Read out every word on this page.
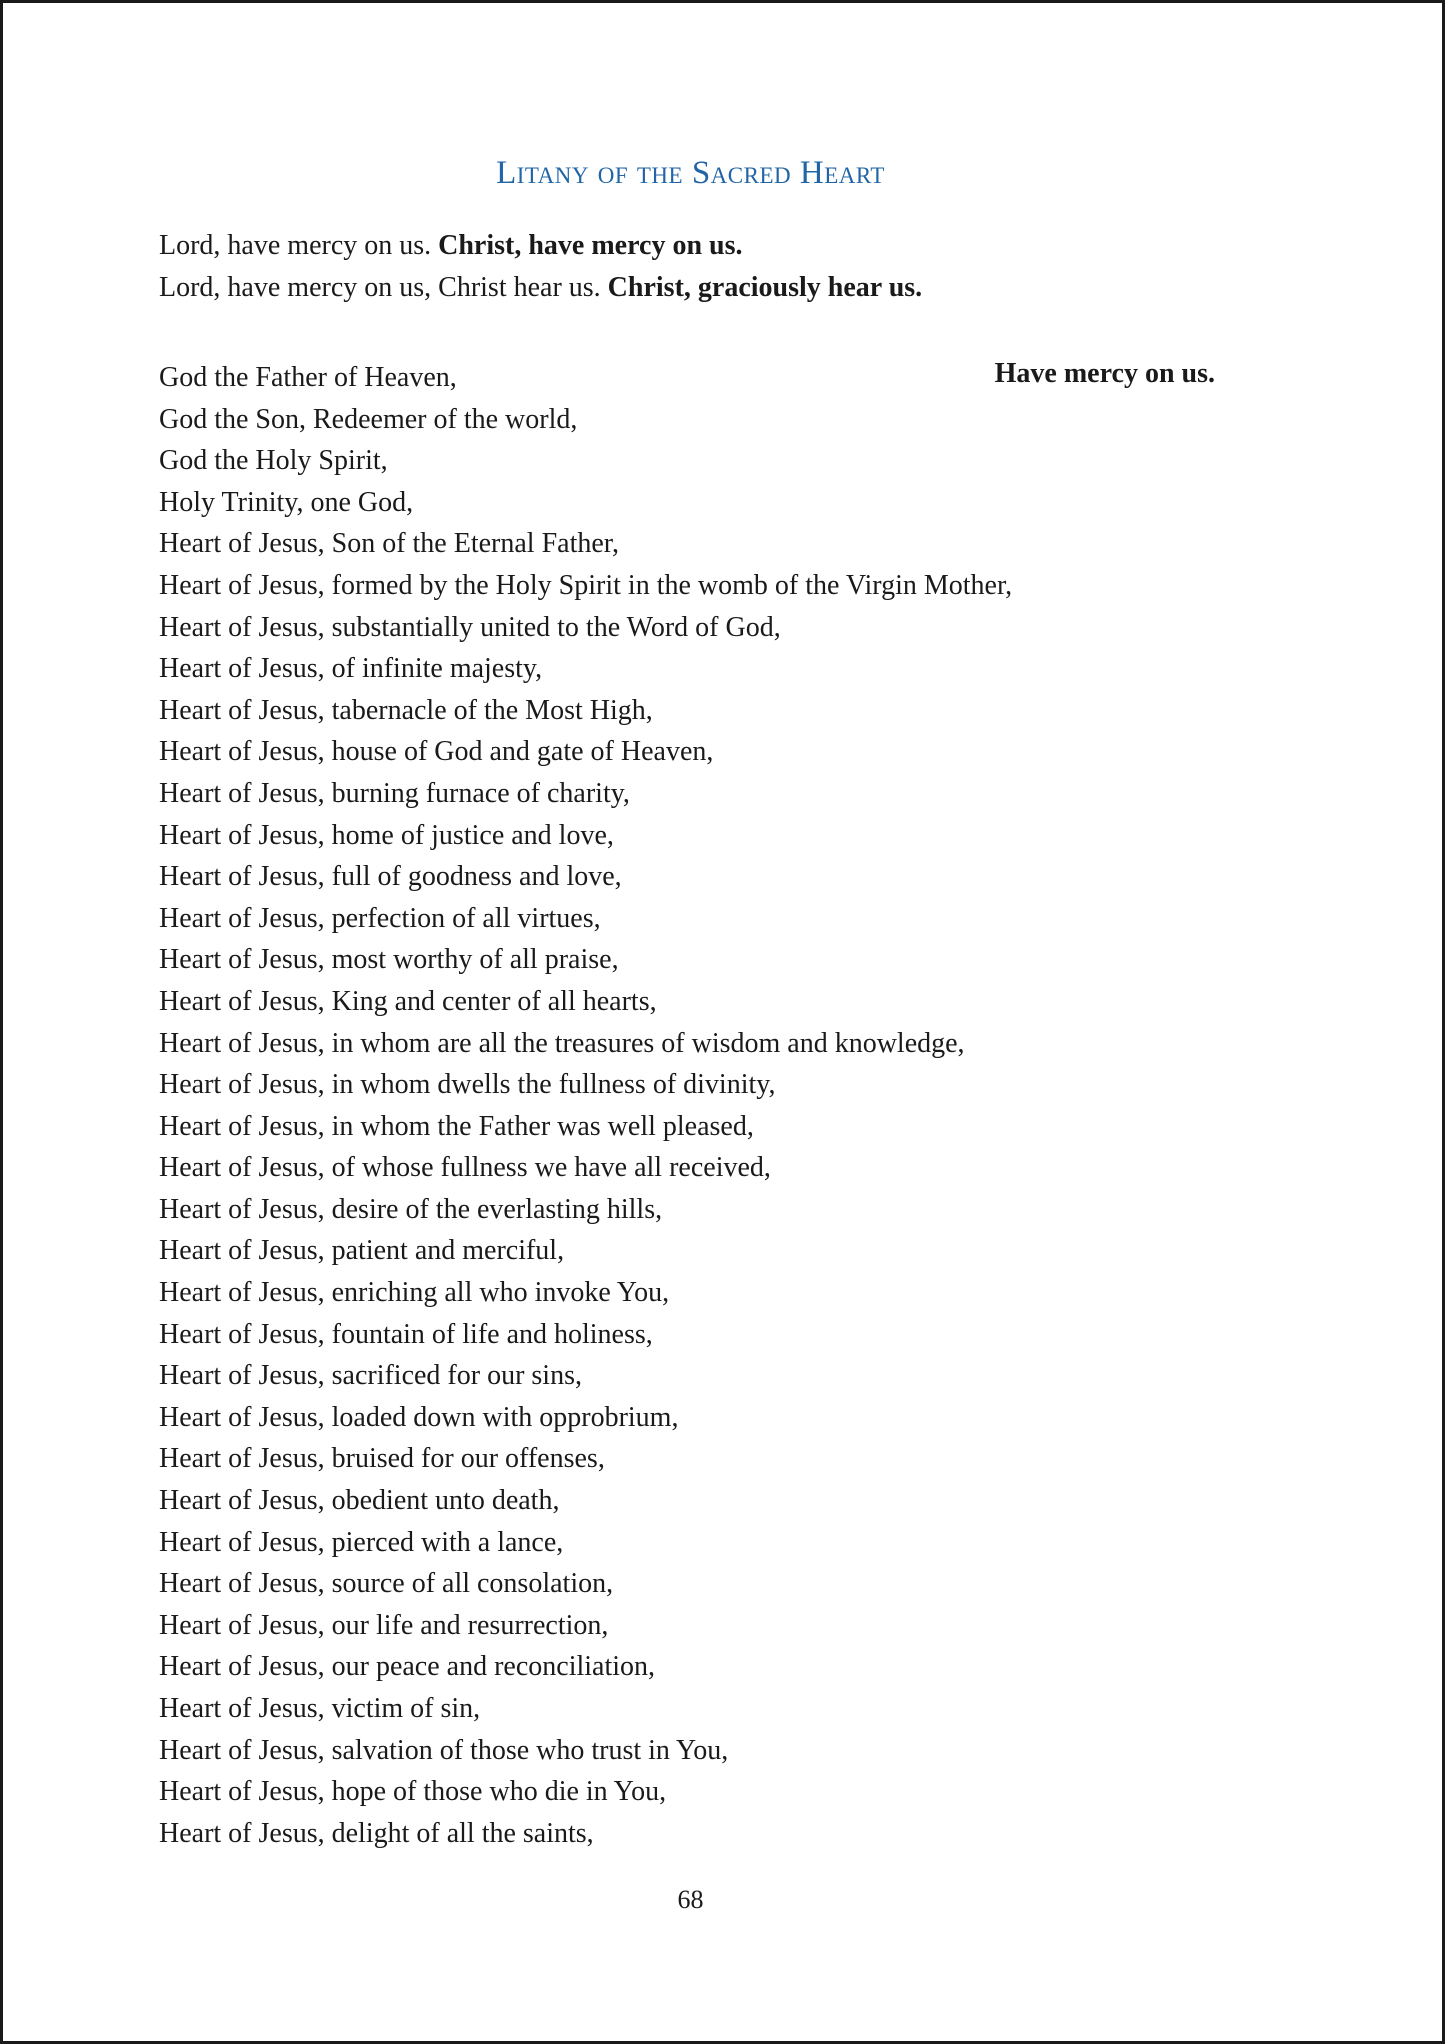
Litany of the Sacred Heart
Lord, have mercy on us. Christ, have mercy on us.
Lord, have mercy on us, Christ hear us. Christ, graciously hear us.
Have mercy on us.
God the Father of Heaven,
God the Son, Redeemer of the world,
God the Holy Spirit,
Holy Trinity, one God,
Heart of Jesus, Son of the Eternal Father,
Heart of Jesus, formed by the Holy Spirit in the womb of the Virgin Mother,
Heart of Jesus, substantially united to the Word of God,
Heart of Jesus, of infinite majesty,
Heart of Jesus, tabernacle of the Most High,
Heart of Jesus, house of God and gate of Heaven,
Heart of Jesus, burning furnace of charity,
Heart of Jesus, home of justice and love,
Heart of Jesus, full of goodness and love,
Heart of Jesus, perfection of all virtues,
Heart of Jesus, most worthy of all praise,
Heart of Jesus, King and center of all hearts,
Heart of Jesus, in whom are all the treasures of wisdom and knowledge,
Heart of Jesus, in whom dwells the fullness of divinity,
Heart of Jesus, in whom the Father was well pleased,
Heart of Jesus, of whose fullness we have all received,
Heart of Jesus, desire of the everlasting hills,
Heart of Jesus, patient and merciful,
Heart of Jesus, enriching all who invoke You,
Heart of Jesus, fountain of life and holiness,
Heart of Jesus, sacrificed for our sins,
Heart of Jesus, loaded down with opprobrium,
Heart of Jesus, bruised for our offenses,
Heart of Jesus, obedient unto death,
Heart of Jesus, pierced with a lance,
Heart of Jesus, source of all consolation,
Heart of Jesus, our life and resurrection,
Heart of Jesus, our peace and reconciliation,
Heart of Jesus, victim of sin,
Heart of Jesus, salvation of those who trust in You,
Heart of Jesus, hope of those who die in You,
Heart of Jesus, delight of all the saints,
68
